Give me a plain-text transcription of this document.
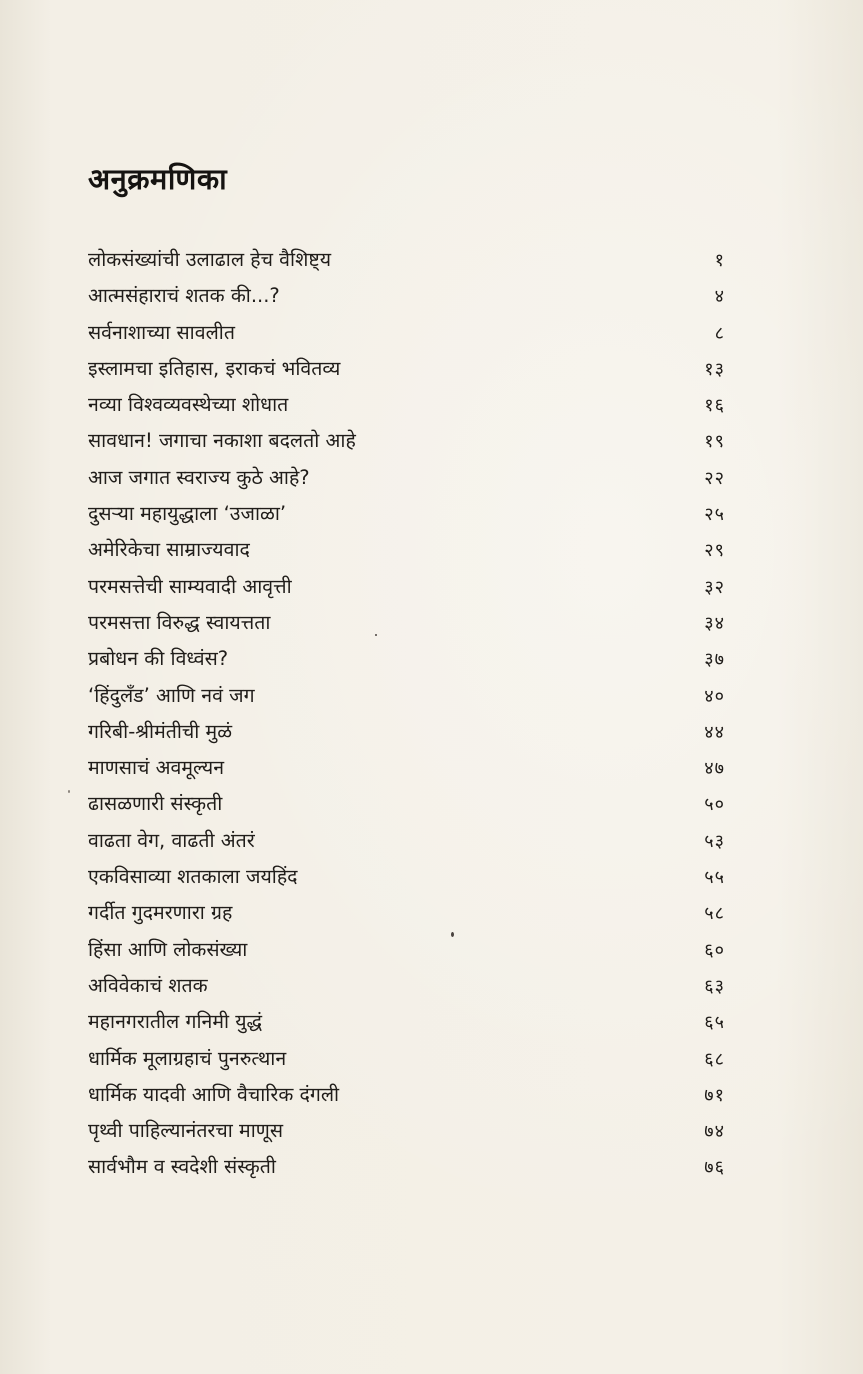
अनुक्रमणिका
लोकसंख्यांची उलाढाल हेच वैशिष्ट्य	१
आत्मसंहाराचं शतक की...?	४
सर्वनाशाच्या सावलीत	८
इस्लामचा इतिहास, इराकचं भवितव्य	१३
नव्या विश्‍वव्यवस्थेच्या शोधात	१६
सावधान! जगाचा नकाशा बदलतो आहे	१९
आज जगात स्वराज्य कुठे आहे?	२२
दुसऱ्या महायुद्धाला ‘उजाळा’	२५
अमेरिकेचा साम्राज्यवाद	२९
परमसत्तेची साम्यवादी आवृत्ती	३२
परमसत्ता विरुद्ध स्वायत्तता	३४
प्रबोधन की विध्वंस?	३७
‘हिंदुलँड’ आणि नवं जग	४०
गरिबी-श्रीमंतीची मुळं	४४
माणसाचं अवमूल्यन	४७
ढासळणारी संस्कृती	५०
वाढता वेग, वाढती अंतरं	५३
एकविसाव्या शतकाला जयहिंद	५५
गर्दीत गुदमरणारा ग्रह	५८
हिंसा आणि लोकसंख्या	६०
अविवेकाचं शतक	६३
महानगरातील गनिमी युद्धं	६५
धार्मिक मूलाग्रहाचं पुनरुत्थान	६८
धार्मिक यादवी आणि वैचारिक दंगली	७१
पृथ्वी पाहिल्यानंतरचा माणूस	७४
सार्वभौम व स्वदेशी संस्कृती	७६
